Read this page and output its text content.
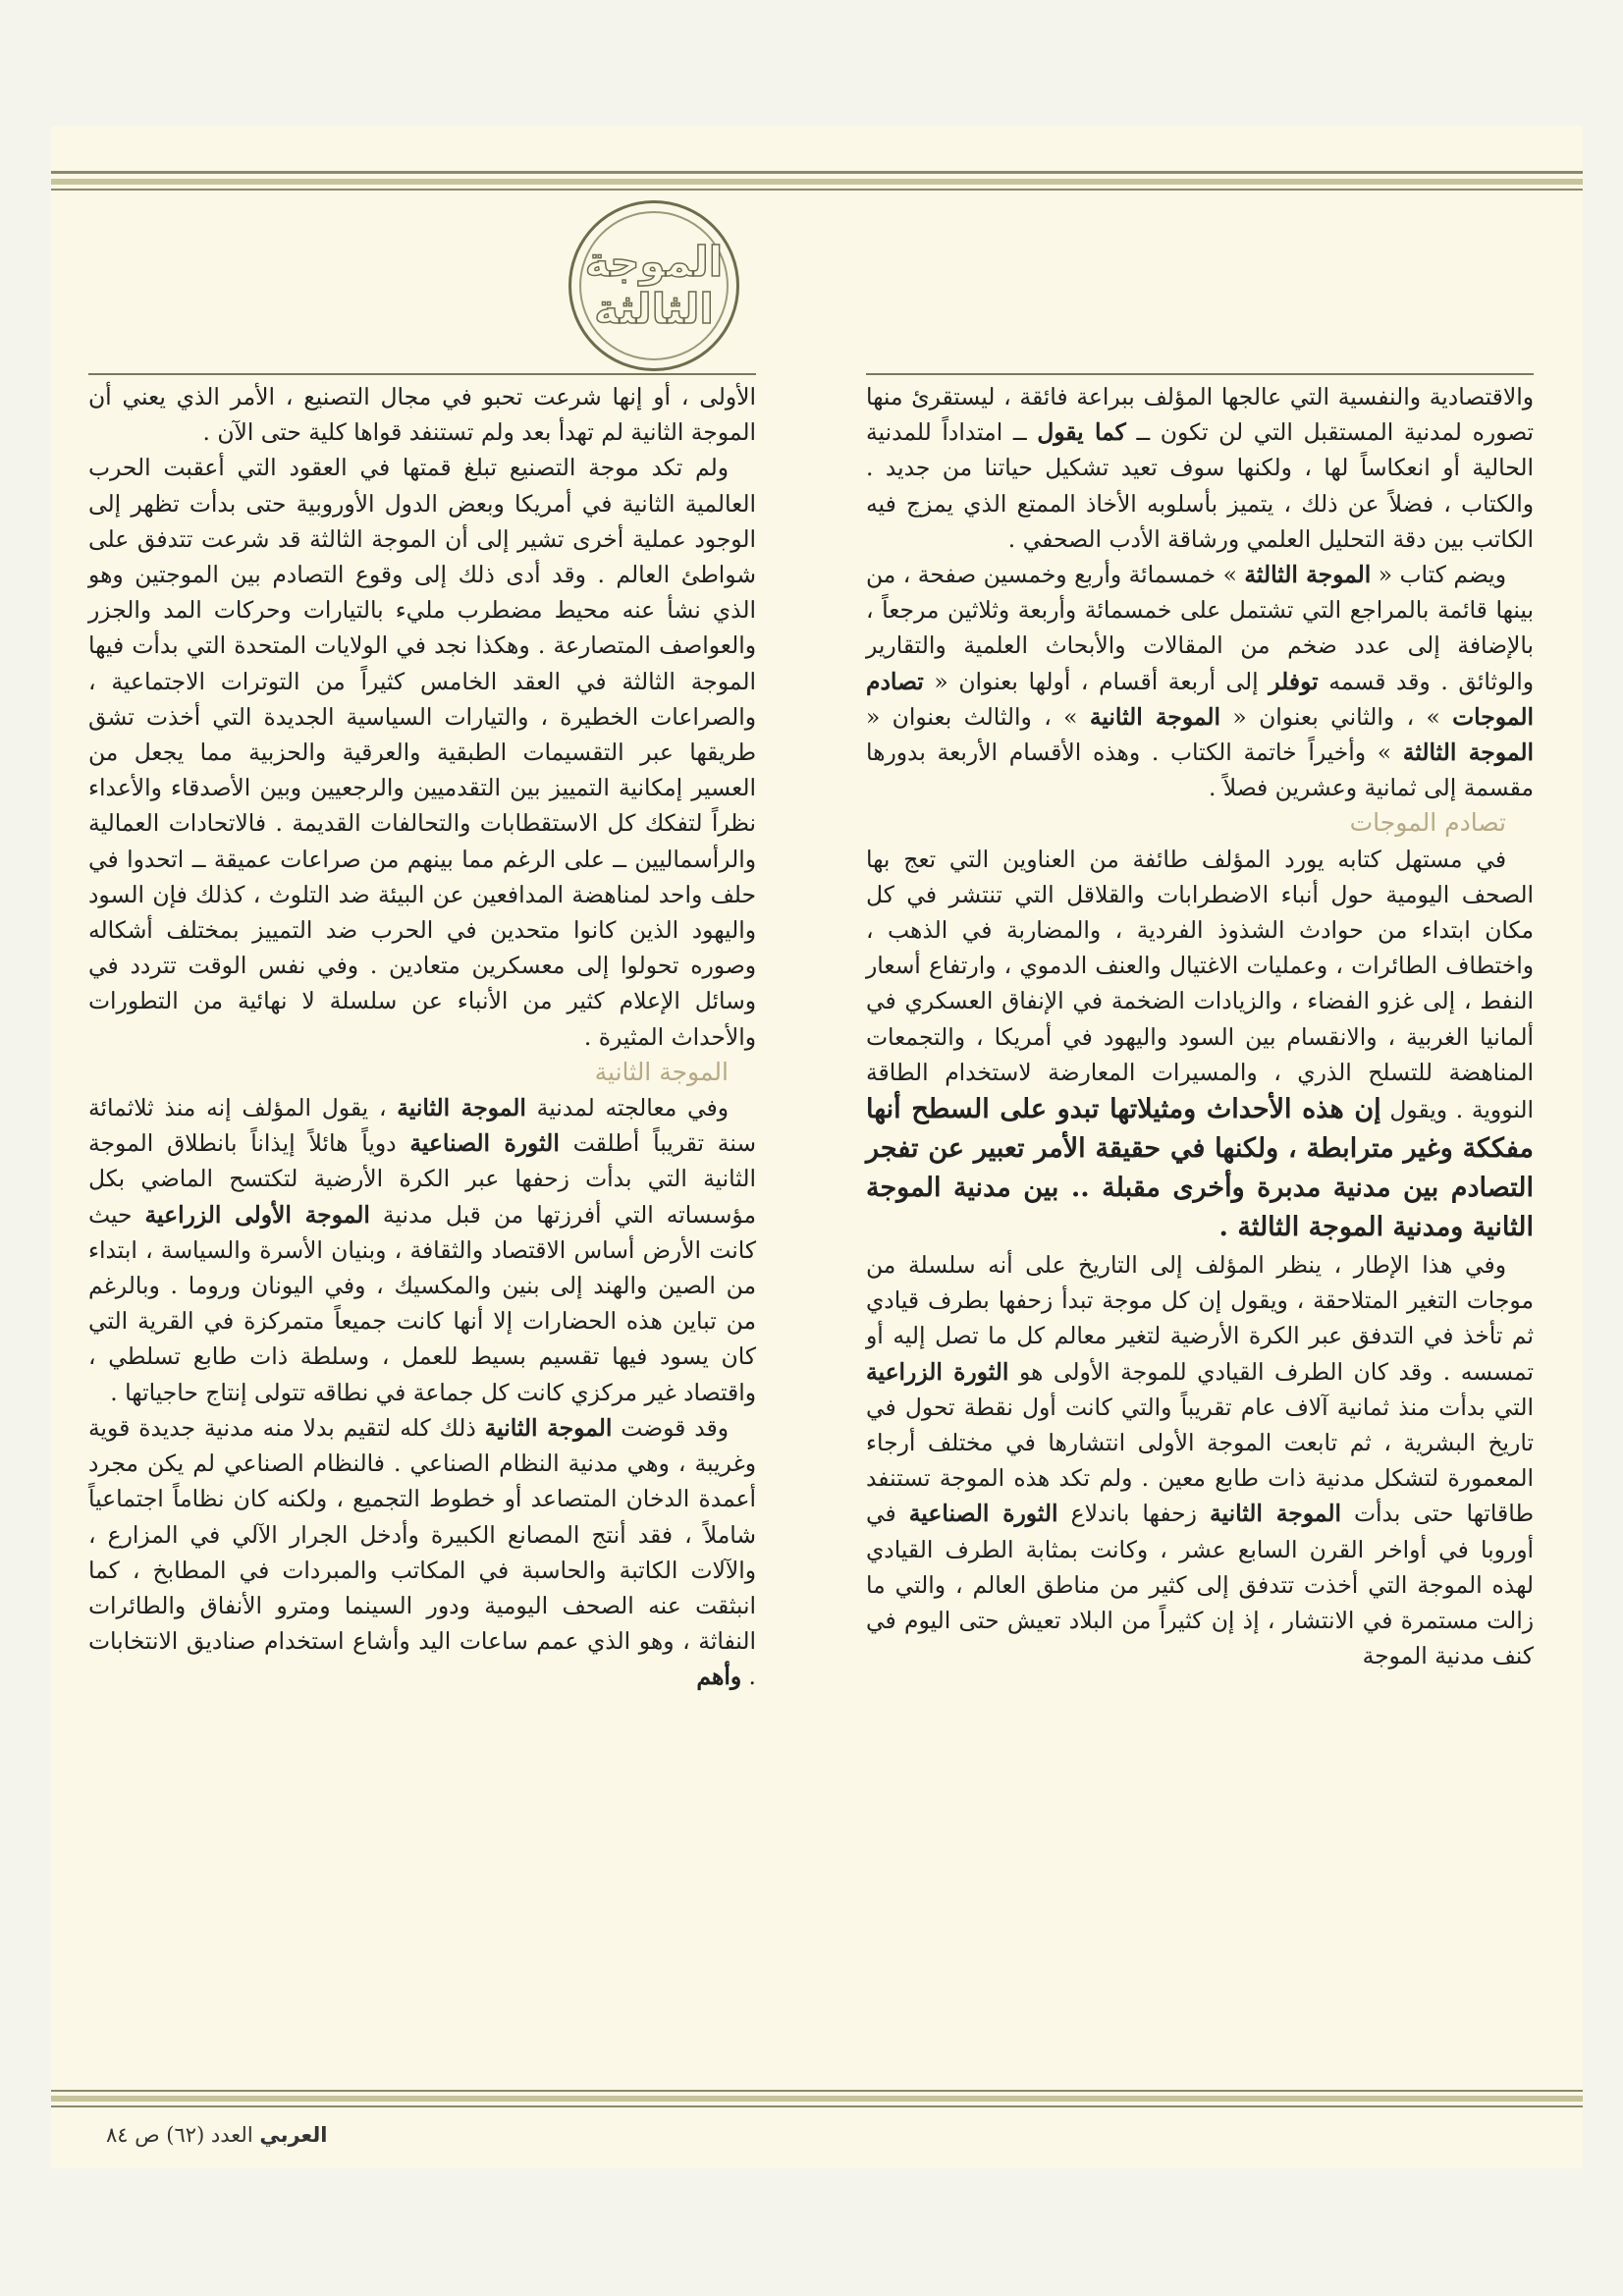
الموجة
الثالثة

والاقتصادية والنفسية التي عالجها المؤلف ببراعة فائقة ، ليستقرئ منها تصوره لمدنية المستقبل التي لن تكون ــ كما يقول ــ امتداداً للمدنية الحالية أو انعكاساً لها ، ولكنها سوف تعيد تشكيل حياتنا من جديد . والكتاب ، فضلاً عن ذلك ، يتميز بأسلوبه الأخاذ الممتع الذي يمزج فيه الكاتب بين دقة التحليل العلمي ورشاقة الأدب الصحفي .

ويضم كتاب « الموجة الثالثة » خمسمائة وأربع وخمسين صفحة ، من بينها قائمة بالمراجع التي تشتمل على خمسمائة وأربعة وثلاثين مرجعاً ، بالإضافة إلى عدد ضخم من المقالات والأبحاث العلمية والتقارير والوثائق . وقد قسمه توفلر إلى أربعة أقسام ، أولها بعنوان « تصادم الموجات » ، والثاني بعنوان « الموجة الثانية » ، والثالث بعنوان « الموجة الثالثة » وأخيراً خاتمة الكتاب . وهذه الأقسام الأربعة بدورها مقسمة إلى ثمانية وعشرين فصلاً .

تصادم الموجات

في مستهل كتابه يورد المؤلف طائفة من العناوين التي تعج بها الصحف اليومية حول أنباء الاضطرابات والقلاقل التي تنتشر في كل مكان ابتداء من حوادث الشذوذ الفردية ، والمضاربة في الذهب ، واختطاف الطائرات ، وعمليات الاغتيال والعنف الدموي ، وارتفاع أسعار النفط ، إلى غزو الفضاء ، والزيادات الضخمة في الإنفاق العسكري في ألمانيا الغربية ، والانقسام بين السود واليهود في أمريكا ، والتجمعات المناهضة للتسلح الذري ، والمسيرات المعارضة لاستخدام الطاقة النووية . ويقول إن هذه الأحداث ومثيلاتها تبدو على السطح أنها مفككة وغير مترابطة ، ولكنها في حقيقة الأمر تعبير عن تفجر التصادم بين مدنية مدبرة وأخرى مقبلة .. بين مدنية الموجة الثانية ومدنية الموجة الثالثة .

وفي هذا الإطار ، ينظر المؤلف إلى التاريخ على أنه سلسلة من موجات التغير المتلاحقة ، ويقول إن كل موجة تبدأ زحفها بطرف قيادي ثم تأخذ في التدفق عبر الكرة الأرضية لتغير معالم كل ما تصل إليه أو تمسسه . وقد كان الطرف القيادي للموجة الأولى هو الثورة الزراعية التي بدأت منذ ثمانية آلاف عام تقريباً والتي كانت أول نقطة تحول في تاريخ البشرية ، ثم تابعت الموجة الأولى انتشارها في مختلف أرجاء المعمورة لتشكل مدنية ذات طابع معين . ولم تكد هذه الموجة تستنفد طاقاتها حتى بدأت الموجة الثانية زحفها باندلاع الثورة الصناعية في أوروبا في أواخر القرن السابع عشر ، وكانت بمثابة الطرف القيادي لهذه الموجة التي أخذت تتدفق إلى كثير من مناطق العالم ، والتي ما زالت مستمرة في الانتشار ، إذ إن كثيراً من البلاد تعيش حتى اليوم في كنف مدنية الموجة

الأولى ، أو إنها شرعت تحبو في مجال التصنيع ، الأمر الذي يعني أن الموجة الثانية لم تهدأ بعد ولم تستنفد قواها كلية حتى الآن .

ولم تكد موجة التصنيع تبلغ قمتها في العقود التي أعقبت الحرب العالمية الثانية في أمريكا وبعض الدول الأوروبية حتى بدأت تظهر إلى الوجود عملية أخرى تشير إلى أن الموجة الثالثة قد شرعت تتدفق على شواطئ العالم . وقد أدى ذلك إلى وقوع التصادم بين الموجتين وهو الذي نشأ عنه محيط مضطرب مليء بالتيارات وحركات المد والجزر والعواصف المتصارعة . وهكذا نجد في الولايات المتحدة التي بدأت فيها الموجة الثالثة في العقد الخامس كثيراً من التوترات الاجتماعية ، والصراعات الخطيرة ، والتيارات السياسية الجديدة التي أخذت تشق طريقها عبر التقسيمات الطبقية والعرقية والحزبية مما يجعل من العسير إمكانية التمييز بين التقدميين والرجعيين وبين الأصدقاء والأعداء نظراً لتفكك كل الاستقطابات والتحالفات القديمة . فالاتحادات العمالية والرأسماليين ــ على الرغم مما بينهم من صراعات عميقة ــ اتحدوا في حلف واحد لمناهضة المدافعين عن البيئة ضد التلوث ، كذلك فإن السود واليهود الذين كانوا متحدين في الحرب ضد التمييز بمختلف أشكاله وصوره تحولوا إلى معسكرين متعادين . وفي نفس الوقت تتردد في وسائل الإعلام كثير من الأنباء عن سلسلة لا نهائية من التطورات والأحداث المثيرة .

الموجة الثانية

وفي معالجته لمدنية الموجة الثانية ، يقول المؤلف إنه منذ ثلاثمائة سنة تقريباً أطلقت الثورة الصناعية دوياً هائلاً إيذاناً بانطلاق الموجة الثانية التي بدأت زحفها عبر الكرة الأرضية لتكتسح الماضي بكل مؤسساته التي أفرزتها من قبل مدنية الموجة الأولى الزراعية حيث كانت الأرض أساس الاقتصاد والثقافة ، وبنيان الأسرة والسياسة ، ابتداء من الصين والهند إلى بنين والمكسيك ، وفي اليونان وروما . وبالرغم من تباين هذه الحضارات إلا أنها كانت جميعاً متمركزة في القرية التي كان يسود فيها تقسيم بسيط للعمل ، وسلطة ذات طابع تسلطي ، واقتصاد غير مركزي كانت كل جماعة في نطاقه تتولى إنتاج حاجياتها .

وقد قوضت الموجة الثانية ذلك كله لتقيم بدلا منه مدنية جديدة قوية وغريبة ، وهي مدنية النظام الصناعي . فالنظام الصناعي لم يكن مجرد أعمدة الدخان المتصاعد أو خطوط التجميع ، ولكنه كان نظاماً اجتماعياً شاملاً ، فقد أنتج المصانع الكبيرة وأدخل الجرار الآلي في المزارع ، والآلات الكاتبة والحاسبة في المكاتب والمبردات في المطابخ ، كما انبثقت عنه الصحف اليومية ودور السينما ومترو الأنفاق والطائرات النفاثة ، وهو الذي عمم ساعات اليد وأشاع استخدام صناديق الانتخابات . وأهم

العربي العدد (٦٢) ص ٨٤
